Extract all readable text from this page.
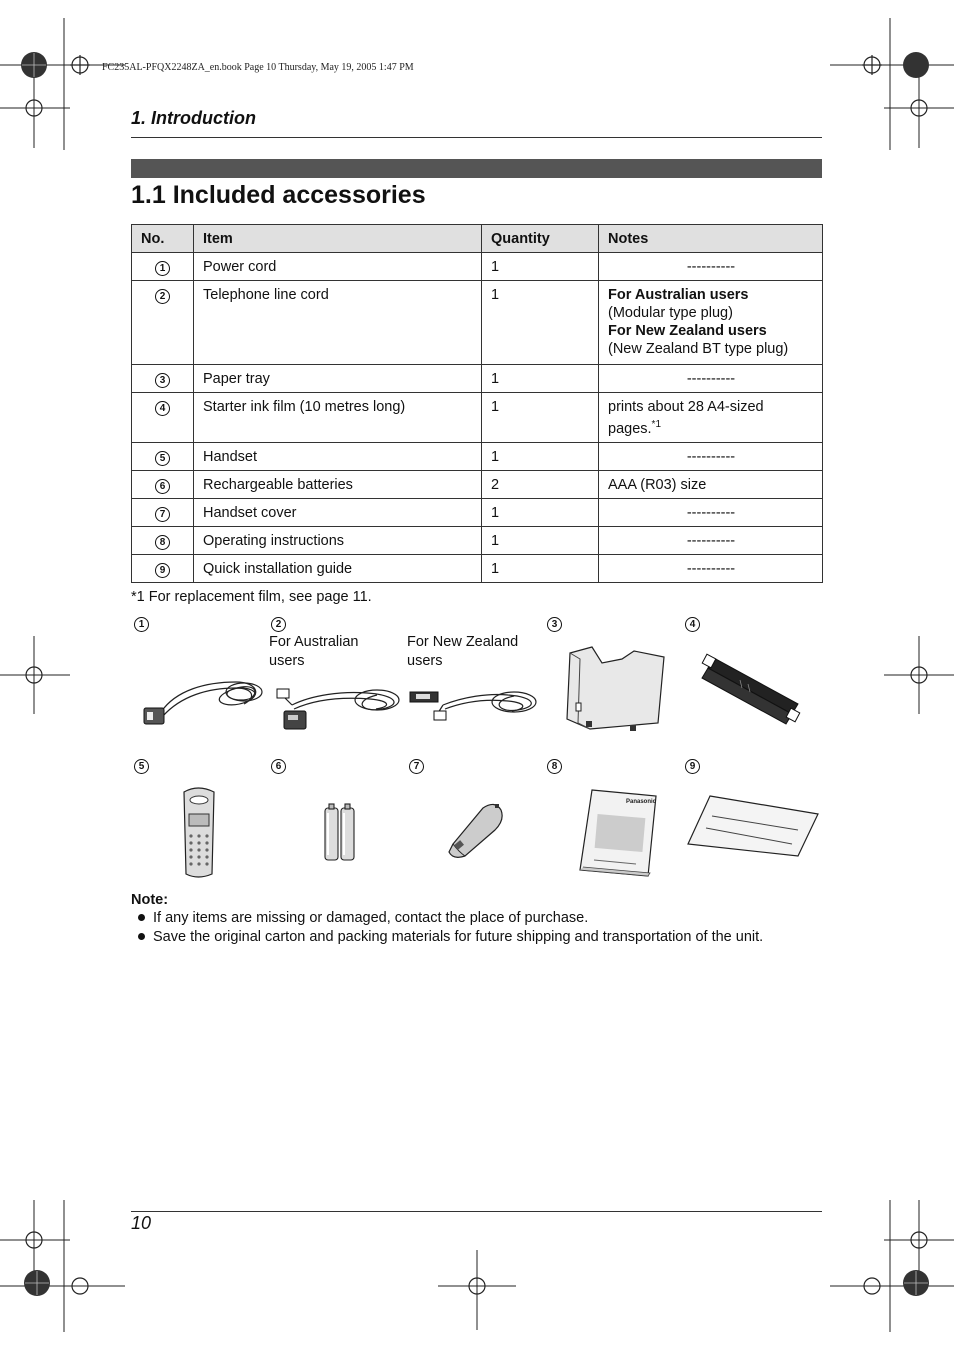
FC235AL-PFQX2248ZA_en.book Page 10 Thursday, May 19, 2005 1:47 PM
1. Introduction
1.1 Included accessories
No.	Item	Quantity	Notes
1	Power cord	1	----------
2	Telephone line cord	1	For Australian users
(Modular type plug)
For New Zealand users
(New Zealand BT type plug)
3	Paper tray	1	----------
4	Starter ink film (10 metres long)	1	prints about 28 A4-sized pages.$^{*1}$
5	Handset	1	----------
6	Rechargeable batteries	2	AAA (R03) size
7	Handset cover	1	----------
8	Operating instructions	1	----------
9	Quick installation guide	1	----------
*1 For replacement film, see page 11.
1	2	3	4
For Australian users
For New Zealand users
5	6	7	8	9
Panasonic
Note:
If any items are missing or damaged, contact the place of purchase.
Save the original carton and packing materials for future shipping and transportation of the unit.
10
